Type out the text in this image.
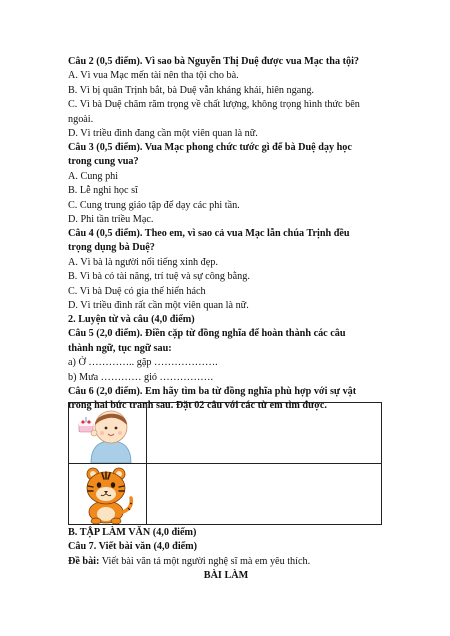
Câu 2 (0,5 điểm). Vì sao bà Nguyễn Thị Duệ được vua Mạc tha tội?
A. Vì vua Mạc mến tài nên tha tội cho bà.
B. Vì bị quân Trịnh bắt, bà Duệ vẫn kháng khái, hiên ngang.
C. Vì bà Duệ chăm răm trọng về chất lượng, không trọng hình thức bên
ngoài.
D. Vì triều đình đang cần một viên quan là nữ.
Câu 3 (0,5 điểm). Vua Mạc phong chức tước gì để bà Duệ dạy học
trong cung vua?
A. Cung phi
B. Lễ nghi học sĩ
C. Cung trung giáo tập để dạy các phi tần.
D. Phi tần triều Mạc.
Câu 4 (0,5 điểm). Theo em, vì sao cả vua Mạc lẫn chúa Trịnh đều
trọng dụng bà Duệ?
A. Vì bà là người nổi tiếng xinh đẹp.
B. Vì bà có tài năng, trí tuệ và sự công bằng.
C. Vì bà Duệ có gia thế hiển hách
D. Vì triều đình rất cần một viên quan là nữ.
2. Luyện từ và câu (4,0 điểm)
Câu 5 (2,0 điểm). Điền cặp từ đồng nghĩa để hoàn thành các câu
thành ngữ, tục ngữ sau:
a) Ở ………….. gặp ……………….
b) Mưa ………… gió …………….
Câu 6 (2,0 điểm). Em hãy tìm ba từ đồng nghĩa phù hợp với sự vật
trong hai bức tranh sau. Đặt 02 câu với các từ em tìm được.

B. TẬP LÀM VĂN (4,0 điểm)
Câu 7. Viết bài văn (4,0 điểm)
Đề bài: Viết bài văn tả một người nghệ sĩ mà em yêu thích.
BÀI LÀM
